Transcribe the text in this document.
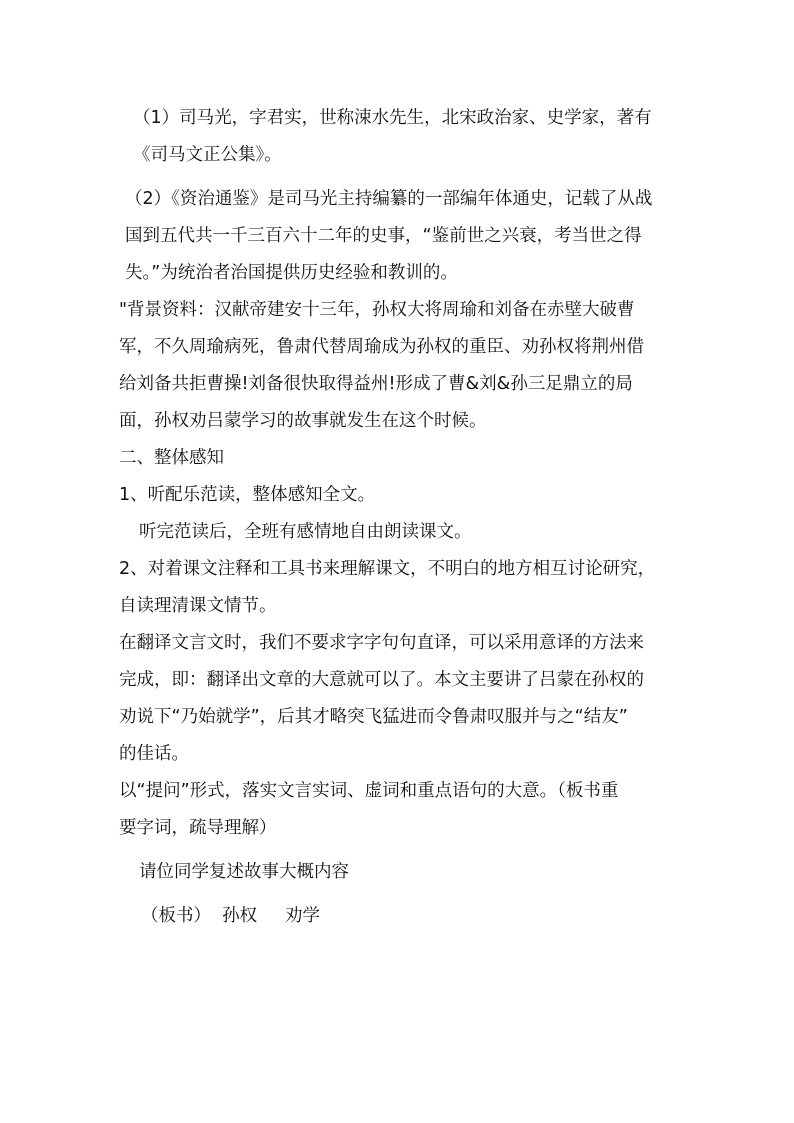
（1）司马光，字君实，世称涑水先生，北宋政治家、史学家，著有
《司马文正公集》。

（2）《资治通鉴》是司马光主持编纂的一部编年体通史，记载了从战
国到五代共一千三百六十二年的史事，“鉴前世之兴衰，考当世之得
失。”为统治者治国提供历史经验和教训的。

"背景资料：汉献帝建安十三年，孙权大将周瑜和刘备在赤壁大破曹
军，不久周瑜病死，鲁肃代替周瑜成为孙权的重臣、劝孙权将荆州借
给刘备共拒曹操!刘备很快取得益州!形成了曹&刘&孙三足鼎立的局
面，孙权劝吕蒙学习的故事就发生在这个时候。

二、整体感知

1、听配乐范读，整体感知全文。

听完范读后，全班有感情地自由朗读课文。

2、对着课文注释和工具书来理解课文，不明白的地方相互讨论研究，
自读理清课文情节。

在翻译文言文时，我们不要求字字句句直译，可以采用意译的方法来
完成，即：翻译出文章的大意就可以了。本文主要讲了吕蒙在孙权的
劝说下“乃始就学”，后其才略突飞猛进而令鲁肃叹服并与之“结友”
的佳话。

以“提问”形式，落实文言实词、虚词和重点语句的大意。（板书重
要字词，疏导理解）

请位同学复述故事大概内容

（板书）  孙权     劝学
